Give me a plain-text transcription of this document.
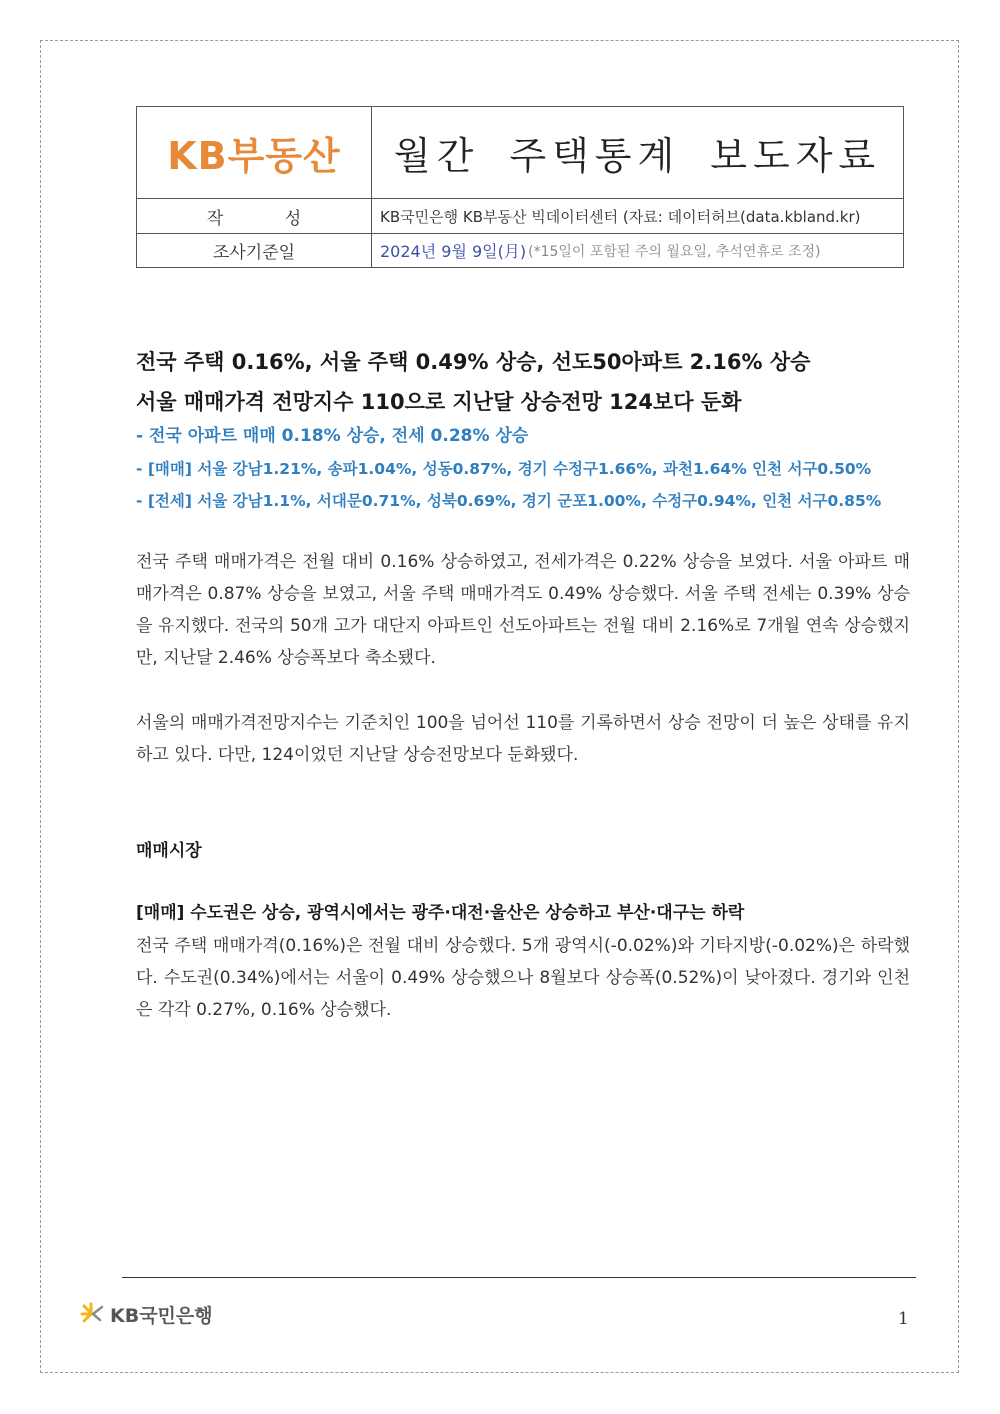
KB부동산 월간 주택통계 보도자료
작 성	KB국민은행 KB부동산 빅데이터센터 (자료: 데이터허브(data.kbland.kr)
조사기준일	2024년 9월 9일(月) (*15일이 포함된 주의 월요일, 추석연휴로 조정)
전국 주택 0.16%, 서울 주택 0.49% 상승, 선도50아파트 2.16% 상승
서울 매매가격 전망지수 110으로 지난달 상승전망 124보다 둔화
- 전국 아파트 매매 0.18% 상승, 전세 0.28% 상승
- [매매] 서울 강남1.21%, 송파1.04%, 성동0.87%, 경기 수정구1.66%, 과천1.64% 인천 서구0.50%
- [전세] 서울 강남1.1%, 서대문0.71%, 성북0.69%, 경기 군포1.00%, 수정구0.94%, 인천 서구0.85%
전국 주택 매매가격은 전월 대비 0.16% 상승하였고, 전세가격은 0.22% 상승을 보였다. 서울 아파트 매매가격은 0.87% 상승을 보였고, 서울 주택 매매가격도 0.49% 상승했다. 서울 주택 전세는 0.39% 상승을 유지했다. 전국의 50개 고가 대단지 아파트인 선도아파트는 전월 대비 2.16%로 7개월 연속 상승했지만, 지난달 2.46% 상승폭보다 축소됐다.
서울의 매매가격전망지수는 기준치인 100을 넘어선 110를 기록하면서 상승 전망이 더 높은 상태를 유지하고 있다. 다만, 124이었던 지난달 상승전망보다 둔화됐다.
매매시장
[매매] 수도권은 상승, 광역시에서는 광주·대전·울산은 상승하고 부산·대구는 하락
전국 주택 매매가격(0.16%)은 전월 대비 상승했다. 5개 광역시(-0.02%)와 기타지방(-0.02%)은 하락했다. 수도권(0.34%)에서는 서울이 0.49% 상승했으나 8월보다 상승폭(0.52%)이 낮아졌다. 경기와 인천은 각각 0.27%, 0.16% 상승했다.
KB국민은행	1
